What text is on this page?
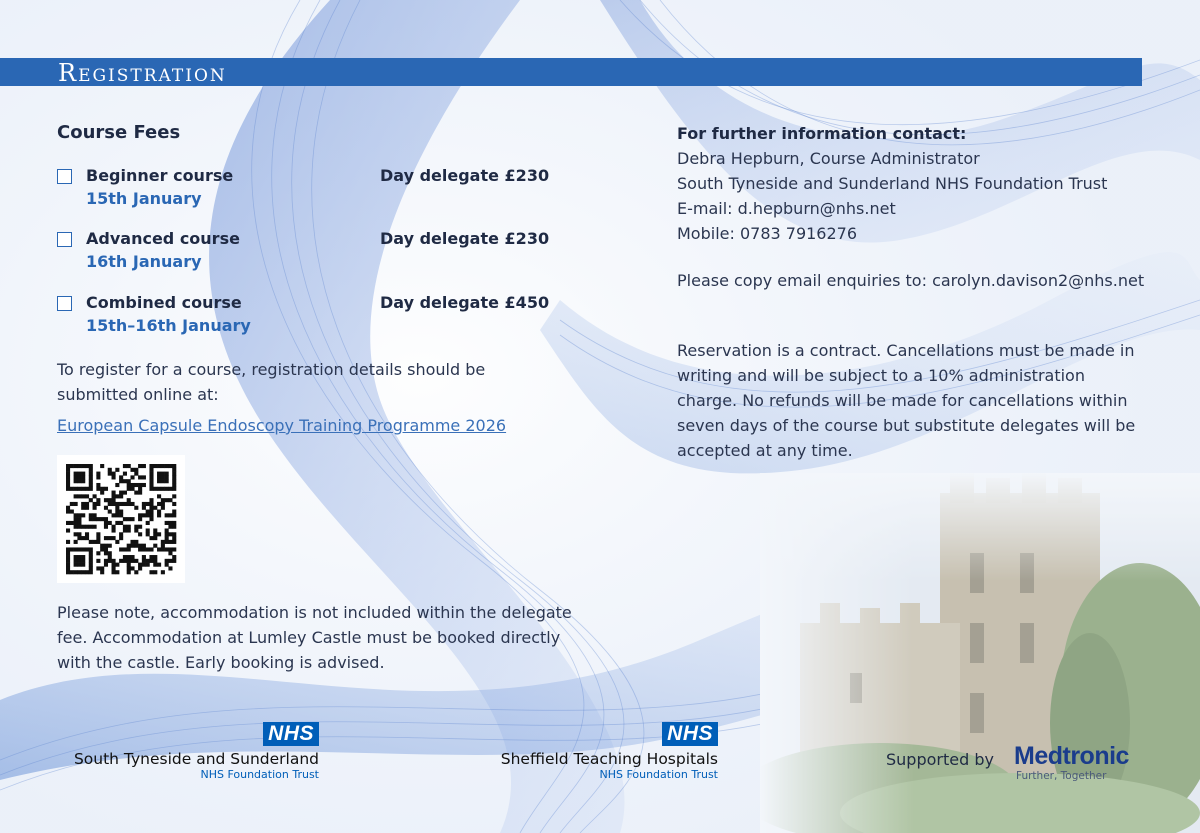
Registration
Course Fees
Beginner course
15th January
Day delegate £230
Advanced course
16th January
Day delegate £230
Combined course
15th–16th January
Day delegate £450
To register for a course, registration details should be submitted online at:
European Capsule Endoscopy Training Programme 2026
Please note, accommodation is not included within the delegate fee. Accommodation at Lumley Castle must be booked directly with the castle. Early booking is advised.
For further information contact:
Debra Hepburn, Course Administrator
South Tyneside and Sunderland NHS Foundation Trust
E-mail: d.hepburn@nhs.net
Mobile: 0783 7916276
Please copy email enquiries to: carolyn.davison2@nhs.net
Reservation is a contract. Cancellations must be made in writing and will be subject to a 10% administration charge. No refunds will be made for cancellations within seven days of the course but substitute delegates will be accepted at any time.
NHS
South Tyneside and Sunderland
NHS Foundation Trust
NHS
Sheffield Teaching Hospitals
NHS Foundation Trust
Supported by Medtronic
Further, Together
